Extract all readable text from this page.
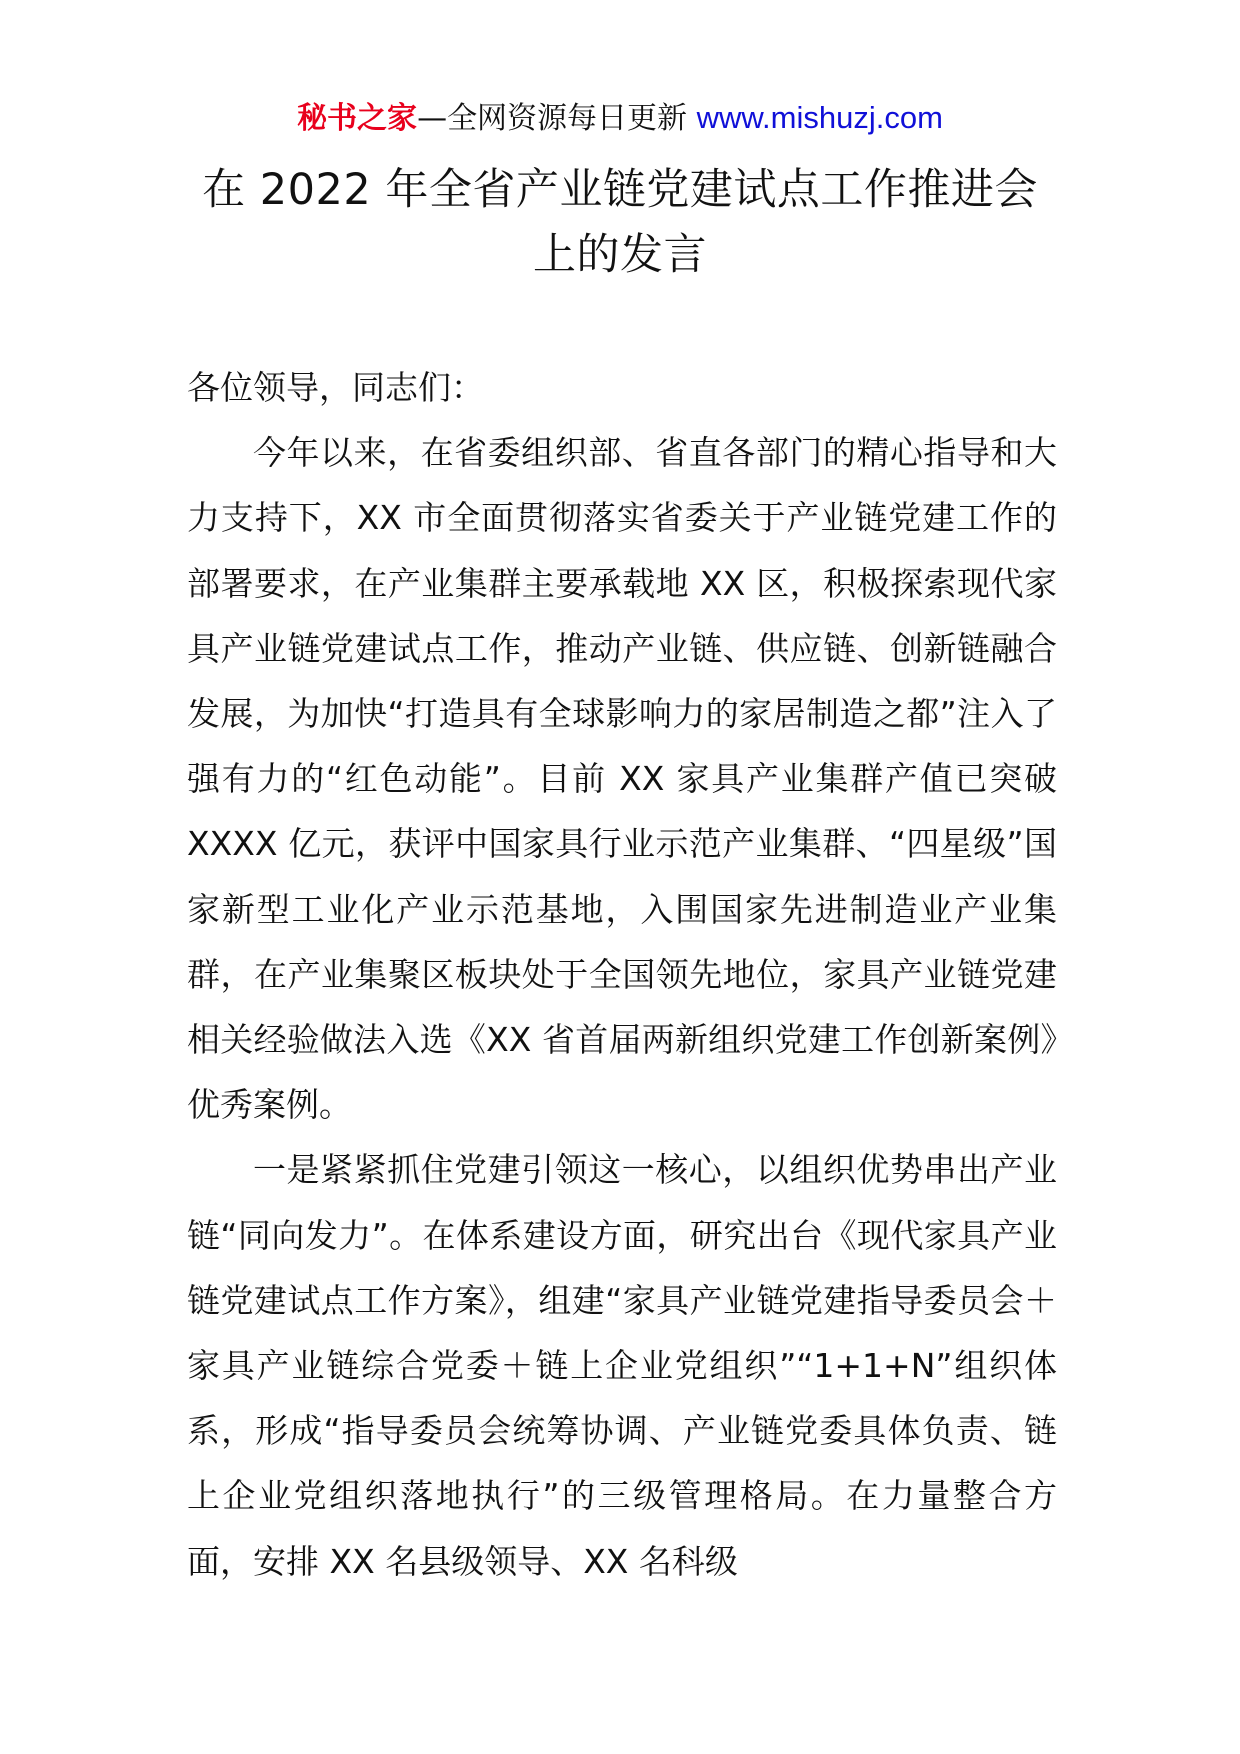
秘书之家—全网资源每日更新 www.mishuzj.com
在 2022 年全省产业链党建试点工作推进会
上的发言

各位领导，同志们：

今年以来，在省委组织部、省直各部门的精心指导和大力支持下，XX 市全面贯彻落实省委关于产业链党建工作的部署要求，在产业集群主要承载地 XX 区，积极探索现代家具产业链党建试点工作，推动产业链、供应链、创新链融合发展，为加快“打造具有全球影响力的家居制造之都”注入了强有力的“红色动能”。目前 XX 家具产业集群产值已突破 XXXX 亿元，获评中国家具行业示范产业集群、“四星级”国家新型工业化产业示范基地，入围国家先进制造业产业集群，在产业集聚区板块处于全国领先地位，家具产业链党建相关经验做法入选《XX 省首届两新组织党建工作创新案例》优秀案例。

一是紧紧抓住党建引领这一核心，以组织优势串出产业链“同向发力”。在体系建设方面，研究出台《现代家具产业链党建试点工作方案》，组建“家具产业链党建指导委员会＋家具产业链综合党委＋链上企业党组织”“1+1+N”组织体系，形成“指导委员会统筹协调、产业链党委具体负责、链上企业党组织落地执行”的三级管理格局。在力量整合方面，安排 XX 名县级领导、XX 名科级
